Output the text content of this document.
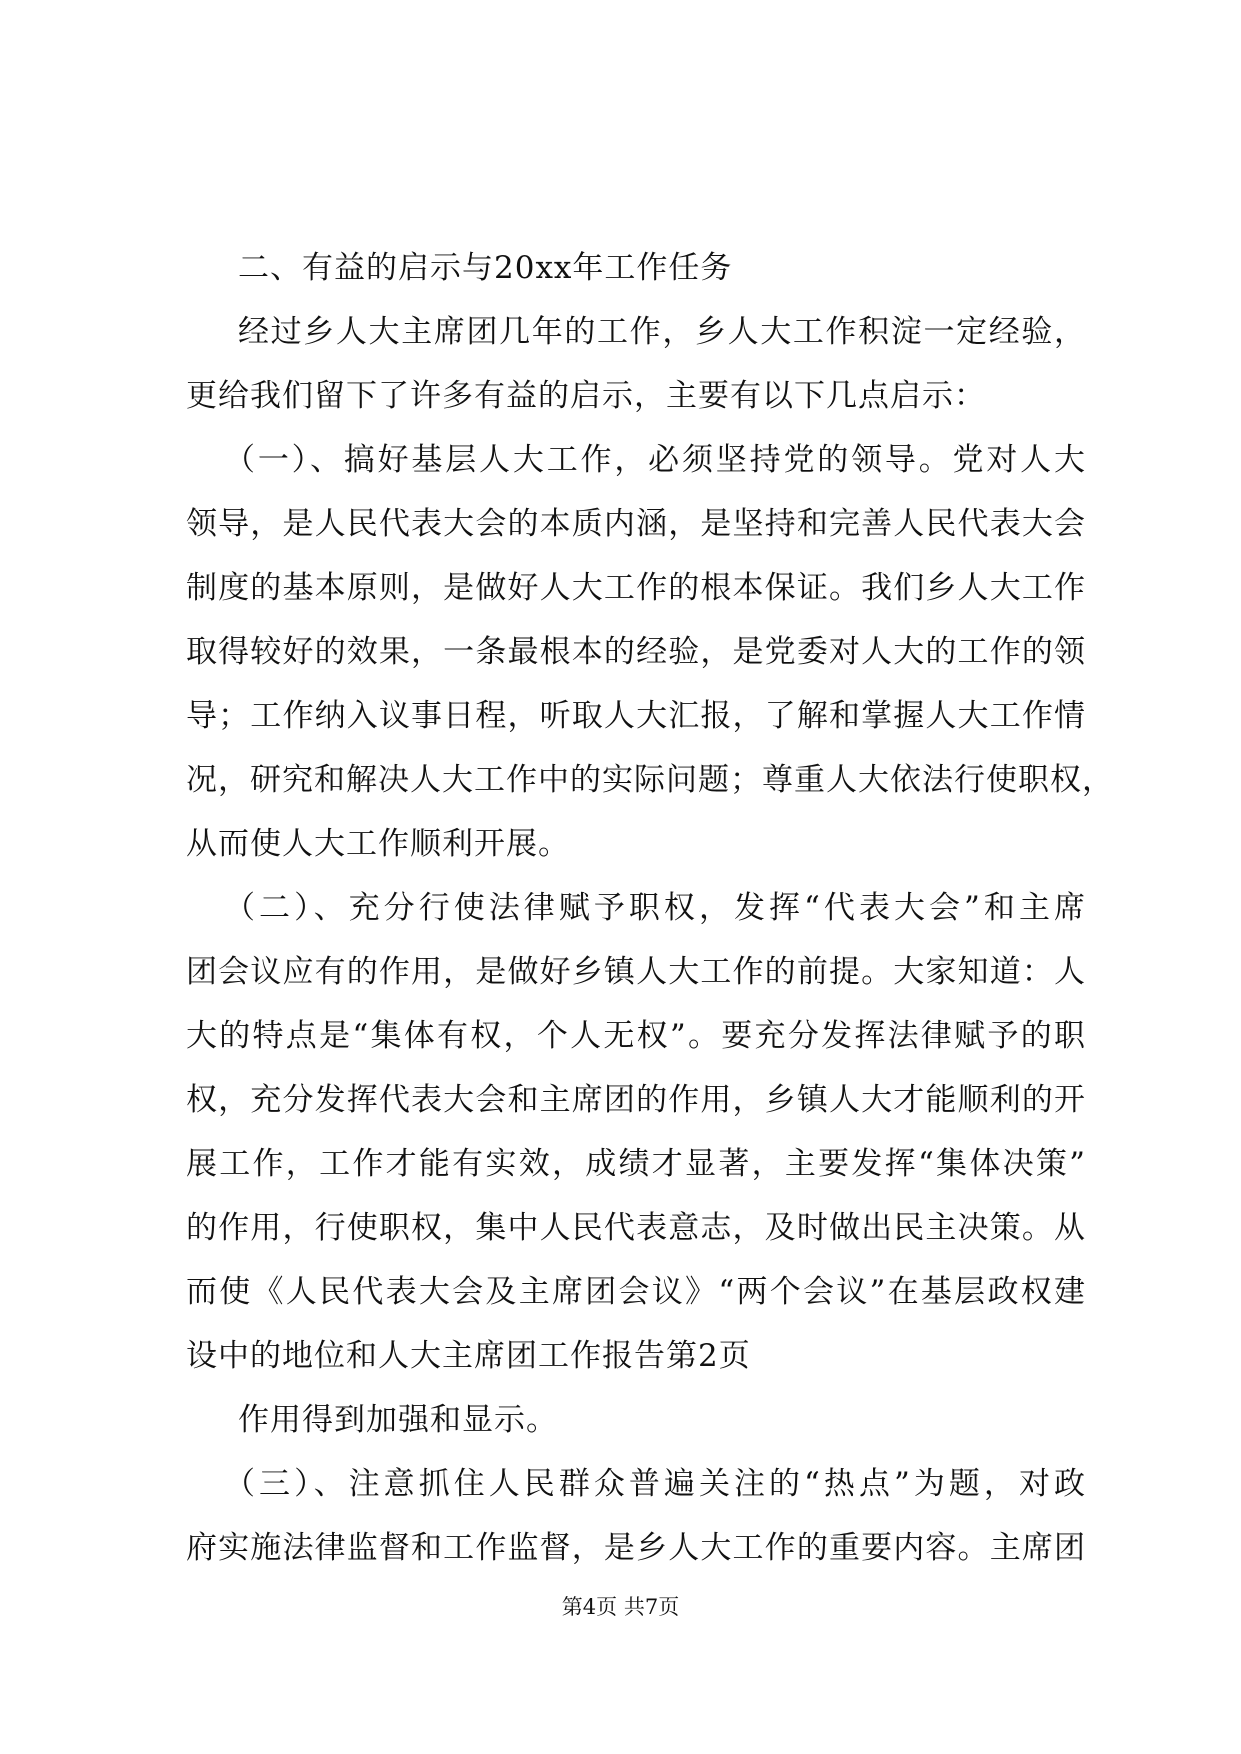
二、有益的启示与20xx年工作任务
经过乡人大主席团几年的工作，乡人大工作积淀一定经验，
更给我们留下了许多有益的启示，主要有以下几点启示：
（一）、搞好基层人大工作，必须坚持党的领导。党对人大
领导，是人民代表大会的本质内涵，是坚持和完善人民代表大会
制度的基本原则，是做好人大工作的根本保证。我们乡人大工作
取得较好的效果，一条最根本的经验，是党委对人大的工作的领
导；工作纳入议事日程，听取人大汇报，了解和掌握人大工作情
况，研究和解决人大工作中的实际问题；尊重人大依法行使职权，
从而使人大工作顺利开展。
（二）、充分行使法律赋予职权，发挥“代表大会”和主席
团会议应有的作用，是做好乡镇人大工作的前提。大家知道：人
大的特点是“集体有权，个人无权”。要充分发挥法律赋予的职
权，充分发挥代表大会和主席团的作用，乡镇人大才能顺利的开
展工作，工作才能有实效，成绩才显著，主要发挥“集体决策”
的作用，行使职权，集中人民代表意志，及时做出民主决策。从
而使《人民代表大会及主席团会议》“两个会议”在基层政权建
设中的地位和人大主席团工作报告第2页
作用得到加强和显示。
（三）、注意抓住人民群众普遍关注的“热点”为题，对政
府实施法律监督和工作监督，是乡人大工作的重要内容。主席团
第4页 共7页
